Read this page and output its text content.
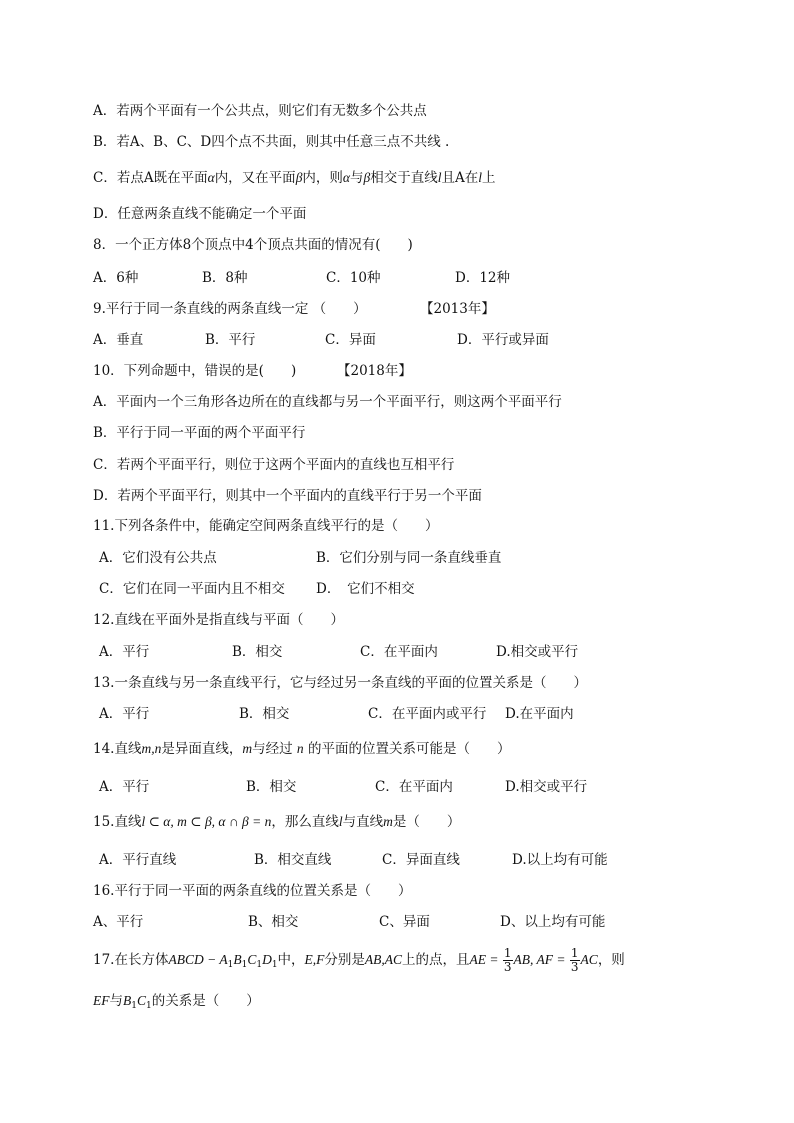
A．若两个平面有一个公共点，则它们有无数多个公共点
B．若A、B、C、D四个点不共面，则其中任意三点不共线 .
C．若点A既在平面α内，又在平面β内，则α与β相交于直线l且A在l上
D．任意两条直线不能确定一个平面
8．一个正方体8个顶点中4个顶点共面的情况有(　　)
A．6种	B．8种	C．10种	D．12种
9.平行于同一条直线的两条直线一定 （　　）	【2013年】
A．垂直	B．平行	C．异面	D．平行或异面
10．下列命题中，错误的是(　　)	【2018年】
A．平面内一个三角形各边所在的直线都与另一个平面平行，则这两个平面平行
B．平行于同一平面的两个平面平行
C．若两个平面平行，则位于这两个平面内的直线也互相平行
D．若两个平面平行，则其中一个平面内的直线平行于另一个平面
11.下列各条件中，能确定空间两条直线平行的是（　　）
A．它们没有公共点	B．它们分别与同一条直线垂直
C．它们在同一平面内且不相交 D．　它们不相交
12.直线在平面外是指直线与平面（　　）
A．平行	B．相交	C．在平面内	D.相交或平行
13.一条直线与另一条直线平行，它与经过另一条直线的平面的位置关系是（　　）
A．平行	B．相交	C．在平面内或平行 D.在平面内
14.直线m,n是异面直线，m与经过 n 的平面的位置关系可能是（　　）
A．平行	B．相交	C．在平面内	D.相交或平行
15.直线l ⊂ α, m ⊂ β, α ∩ β = n，那么直线l与直线m是（　　）
A．平行直线	B．相交直线	C．异面直线	D.以上均有可能
16.平行于同一平面的两条直线的位置关系是（　　）
A、平行	B、相交	C、异面	D、以上均有可能
17.在长方体ABCD − $A_1B_1C_1D_1$中，E,F分别是AB,AC上的点，且AE = $\frac{1}{3}$ AB, AF = $\frac{1}{3}$ AC，则
EF与$B_1C_1$的关系是（　　）
